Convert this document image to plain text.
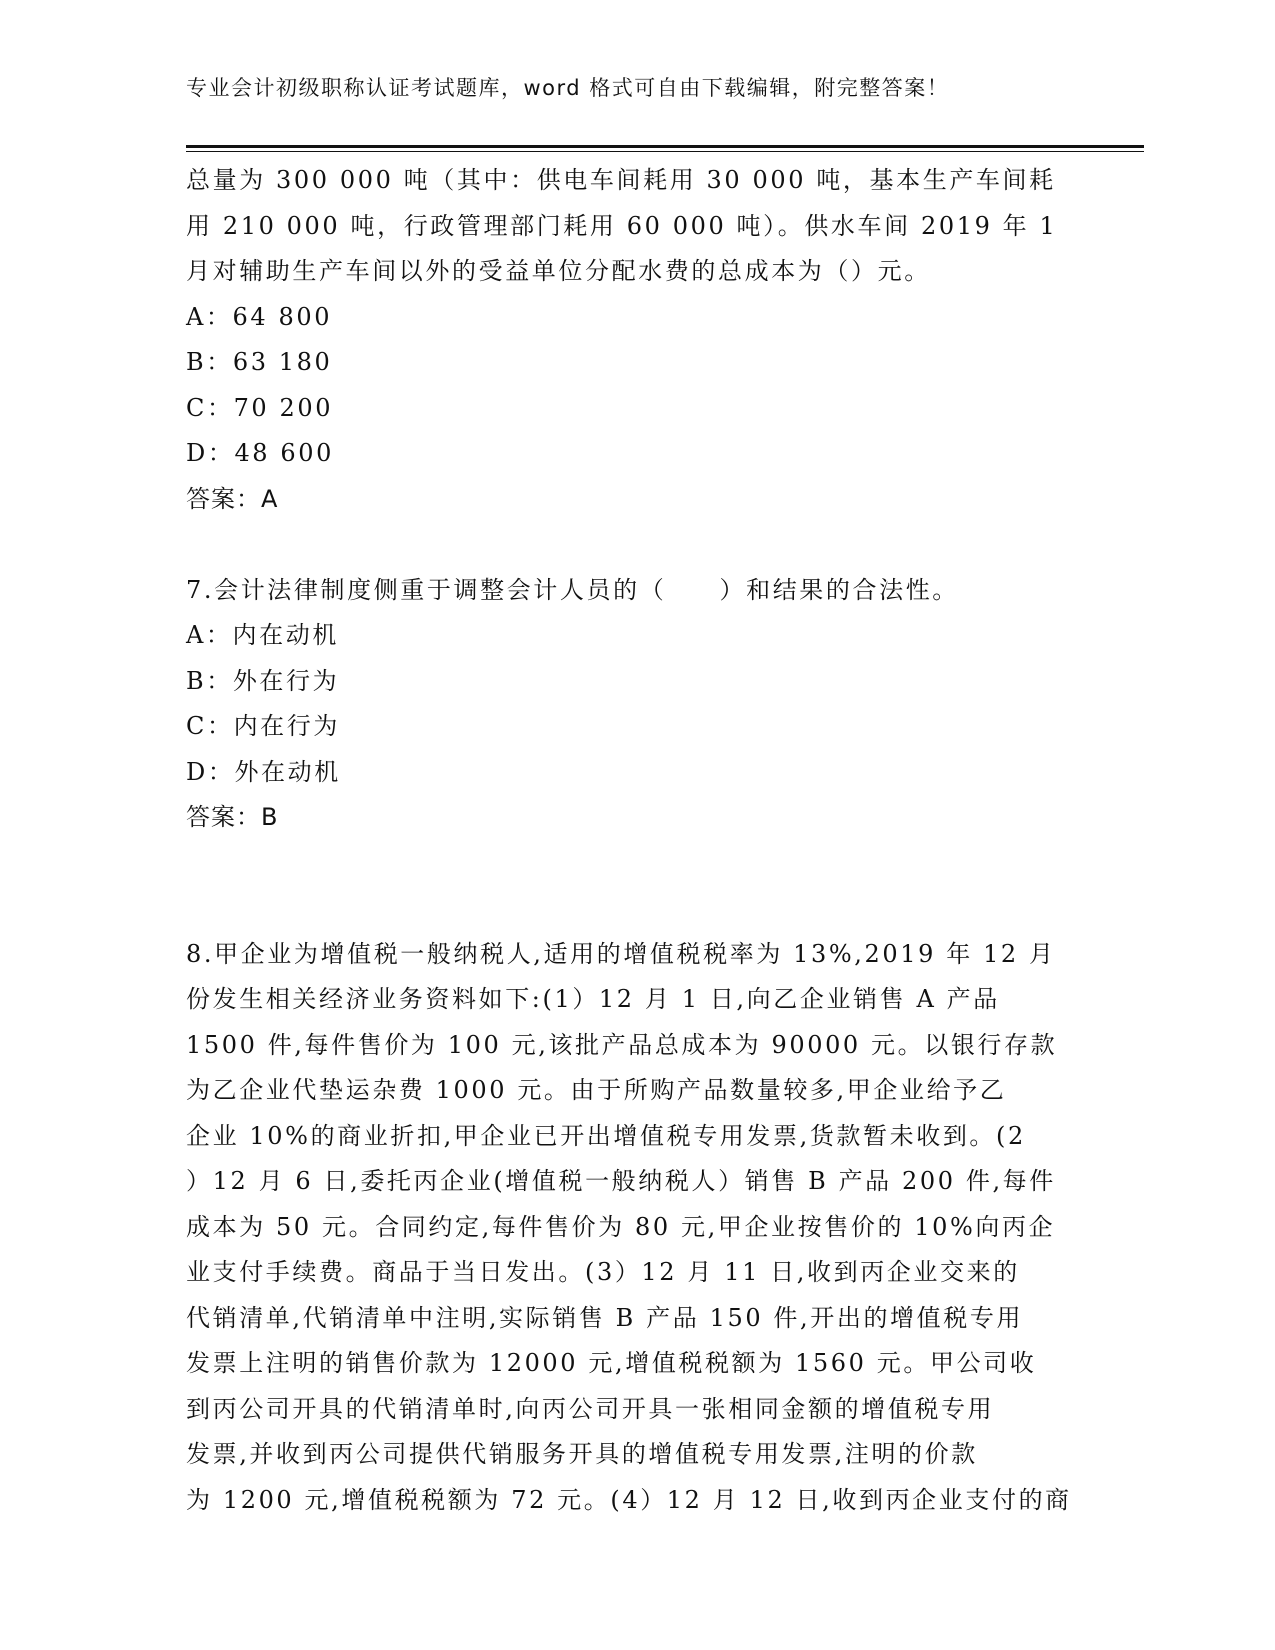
专业会计初级职称认证考试题库，word 格式可自由下载编辑，附完整答案！
总量为 300 000 吨（其中：供电车间耗用 30 000 吨，基本生产车间耗
用 210 000 吨，行政管理部门耗用 60 000 吨）。供水车间 2019 年 1
月对辅助生产车间以外的受益单位分配水费的总成本为（）元。
A：64 800
B：63 180
C：70 200
D：48 600
答案：A
7.会计法律制度侧重于调整会计人员的（　　）和结果的合法性。
A：内在动机
B：外在行为
C：内在行为
D：外在动机
答案：B
8.甲企业为增值税一般纳税人,适用的增值税税率为 13%,2019 年 12 月
份发生相关经济业务资料如下:(1）12 月 1 日,向乙企业销售 A 产品
1500 件,每件售价为 100 元,该批产品总成本为 90000 元。以银行存款
为乙企业代垫运杂费 1000 元。由于所购产品数量较多,甲企业给予乙
企业 10%的商业折扣,甲企业已开出增值税专用发票,货款暂未收到。(2
）12 月 6 日,委托丙企业(增值税一般纳税人）销售 B 产品 200 件,每件
成本为 50 元。合同约定,每件售价为 80 元,甲企业按售价的 10%向丙企
业支付手续费。商品于当日发出。(3）12 月 11 日,收到丙企业交来的
代销清单,代销清单中注明,实际销售 B 产品 150 件,开出的增值税专用
发票上注明的销售价款为 12000 元,增值税税额为 1560 元。甲公司收
到丙公司开具的代销清单时,向丙公司开具一张相同金额的增值税专用
发票,并收到丙公司提供代销服务开具的增值税专用发票,注明的价款
为 1200 元,增值税税额为 72 元。(4）12 月 12 日,收到丙企业支付的商
